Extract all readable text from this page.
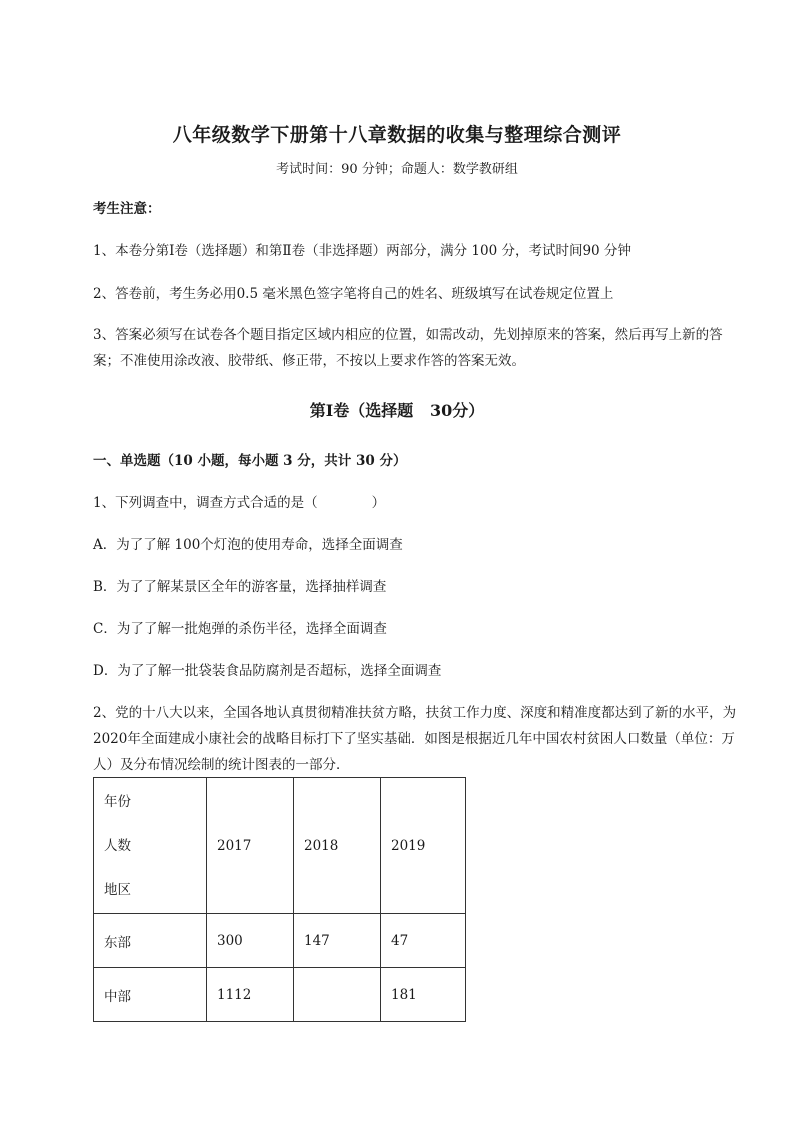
八年级数学下册第十八章数据的收集与整理综合测评
考试时间：90 分钟；命题人：数学教研组
考生注意：
1、本卷分第Ⅰ卷（选择题）和第Ⅱ卷（非选择题）两部分，满分 100 分，考试时间90 分钟
2、答卷前，考生务必用0.5 毫米黑色签字笔将自己的姓名、班级填写在试卷规定位置上
3、答案必须写在试卷各个题目指定区域内相应的位置，如需改动，先划掉原来的答案，然后再写上新的答案；不准使用涂改液、胶带纸、修正带，不按以上要求作答的答案无效。
第Ⅰ卷（选择题   30分）
一、单选题（10 小题，每小题 3 分，共计 30 分）
1、下列调查中，调查方式合适的是（　　　　）
A．为了了解 100个灯泡的使用寿命，选择全面调查
B．为了了解某景区全年的游客量，选择抽样调查
C．为了了解一批炮弹的杀伤半径，选择全面调查
D．为了了解一批袋装食品防腐剂是否超标，选择全面调查
2、党的十八大以来，全国各地认真贯彻精准扶贫方略，扶贫工作力度、深度和精准度都达到了新的水平，为 2020年全面建成小康社会的战略目标打下了坚实基础．如图是根据近几年中国农村贫困人口数量（单位：万人）及分布情况绘制的统计图表的一部分．
年份
人数
地区	2017	2018	2019
东部	300	147	47
中部	1112		181
